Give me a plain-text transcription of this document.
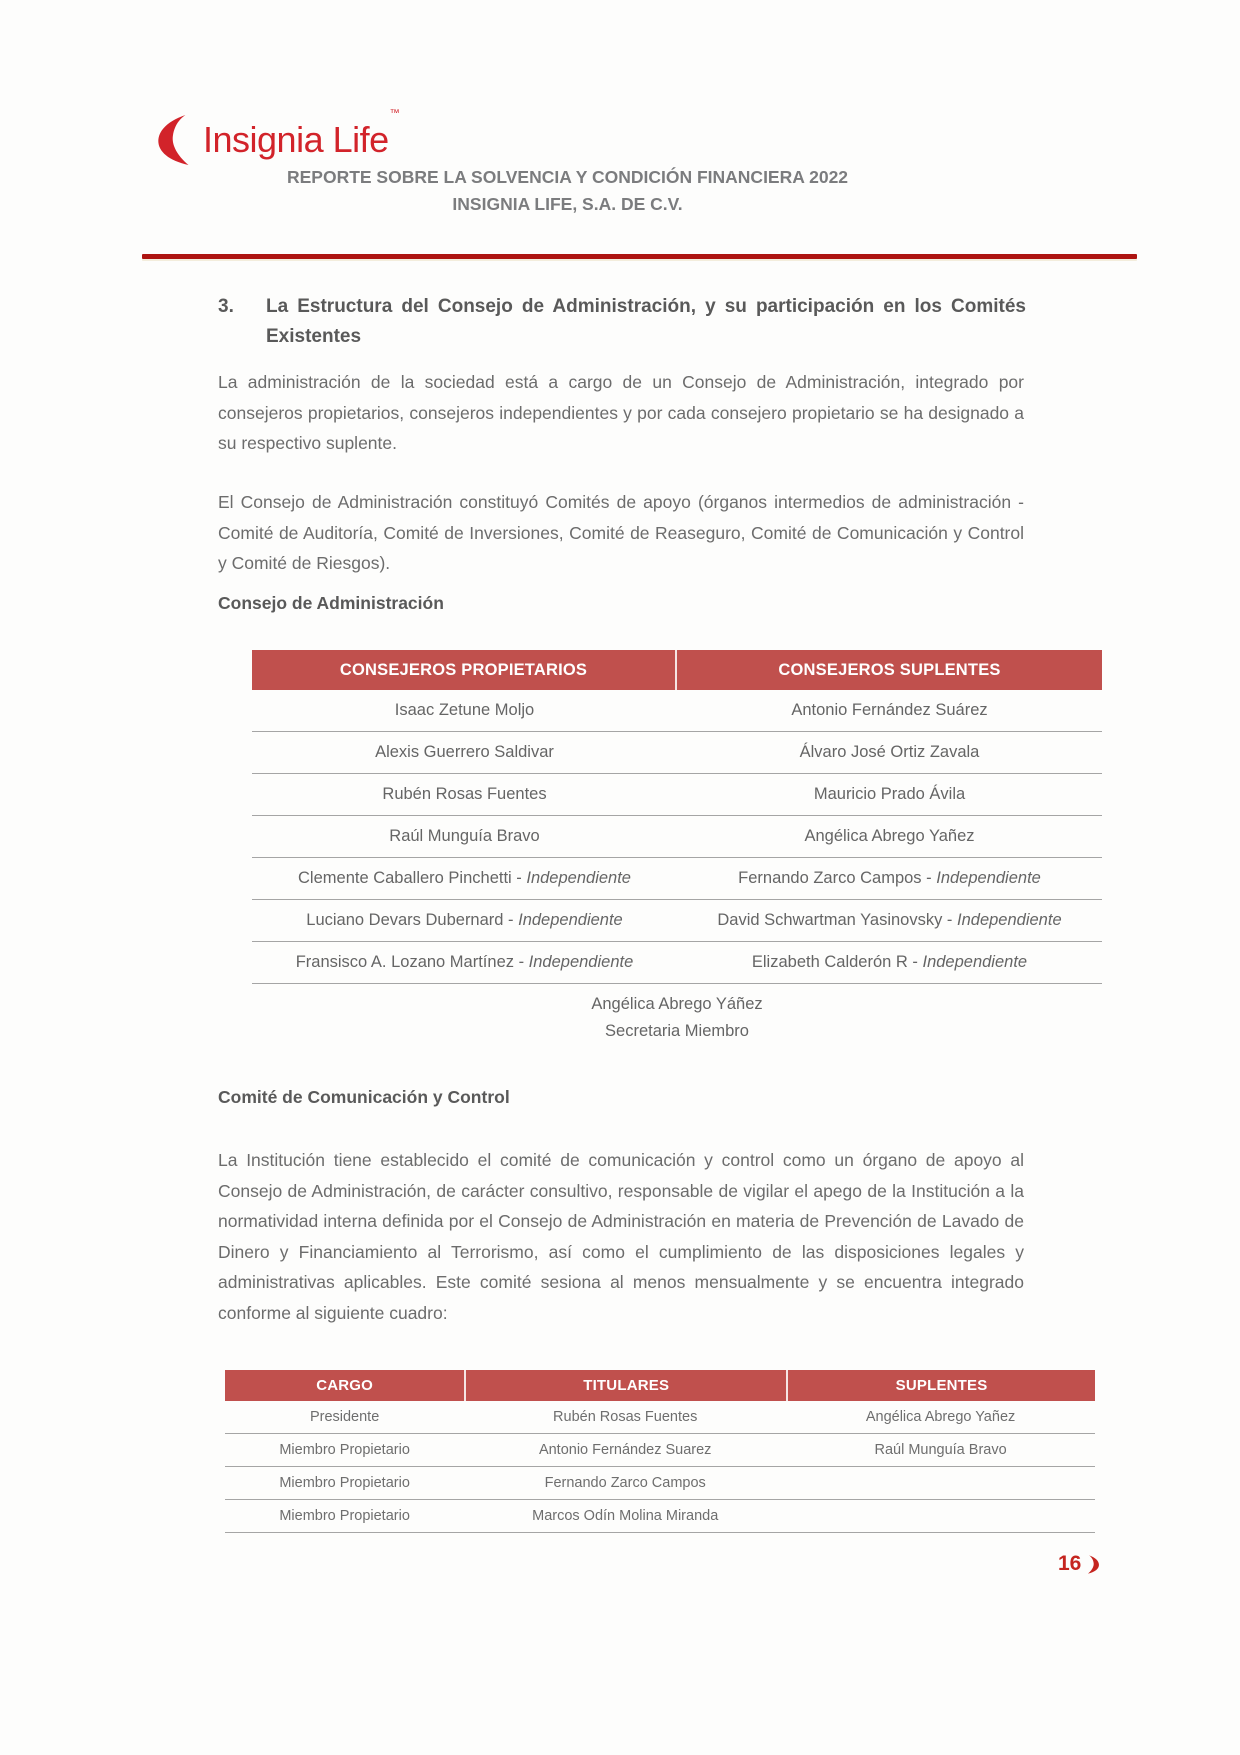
Insignia Life™
REPORTE SOBRE LA SOLVENCIA Y CONDICIÓN FINANCIERA 2022
INSIGNIA LIFE, S.A. DE C.V.
3.	La Estructura del Consejo de Administración, y su participación en los Comités Existentes
La administración de la sociedad está a cargo de un Consejo de Administración, integrado por consejeros propietarios, consejeros independientes y por cada consejero propietario se ha designado a su respectivo suplente.
El Consejo de Administración constituyó Comités de apoyo (órganos intermedios de administración - Comité de Auditoría, Comité de Inversiones, Comité de Reaseguro, Comité de Comunicación y Control y Comité de Riesgos).
Consejo de Administración
CONSEJEROS PROPIETARIOS	CONSEJEROS SUPLENTES
Isaac Zetune Moljo	Antonio Fernández Suárez
Alexis Guerrero Saldivar	Álvaro José Ortiz Zavala
Rubén Rosas Fuentes	Mauricio Prado Ávila
Raúl Munguía Bravo	Angélica Abrego Yañez
Clemente Caballero Pinchetti - Independiente	Fernando Zarco Campos - Independiente
Luciano Devars Dubernard - Independiente	David Schwartman Yasinovsky - Independiente
Fransisco A. Lozano Martínez - Independiente	Elizabeth Calderón R - Independiente
Angélica Abrego Yáñez
Secretaria Miembro
Comité de Comunicación y Control
La Institución tiene establecido el comité de comunicación y control como un órgano de apoyo al Consejo de Administración, de carácter consultivo, responsable de vigilar el apego de la Institución a la normatividad interna definida por el Consejo de Administración en materia de Prevención de Lavado de Dinero y Financiamiento al Terrorismo, así como el cumplimiento de las disposiciones legales y administrativas aplicables. Este comité sesiona al menos mensualmente y se encuentra integrado conforme al siguiente cuadro:
CARGO	TITULARES	SUPLENTES
Presidente	Rubén Rosas Fuentes	Angélica Abrego Yañez
Miembro Propietario	Antonio Fernández Suarez	Raúl Munguía Bravo
Miembro Propietario	Fernando Zarco Campos
Miembro Propietario	Marcos Odín Molina Miranda
16
